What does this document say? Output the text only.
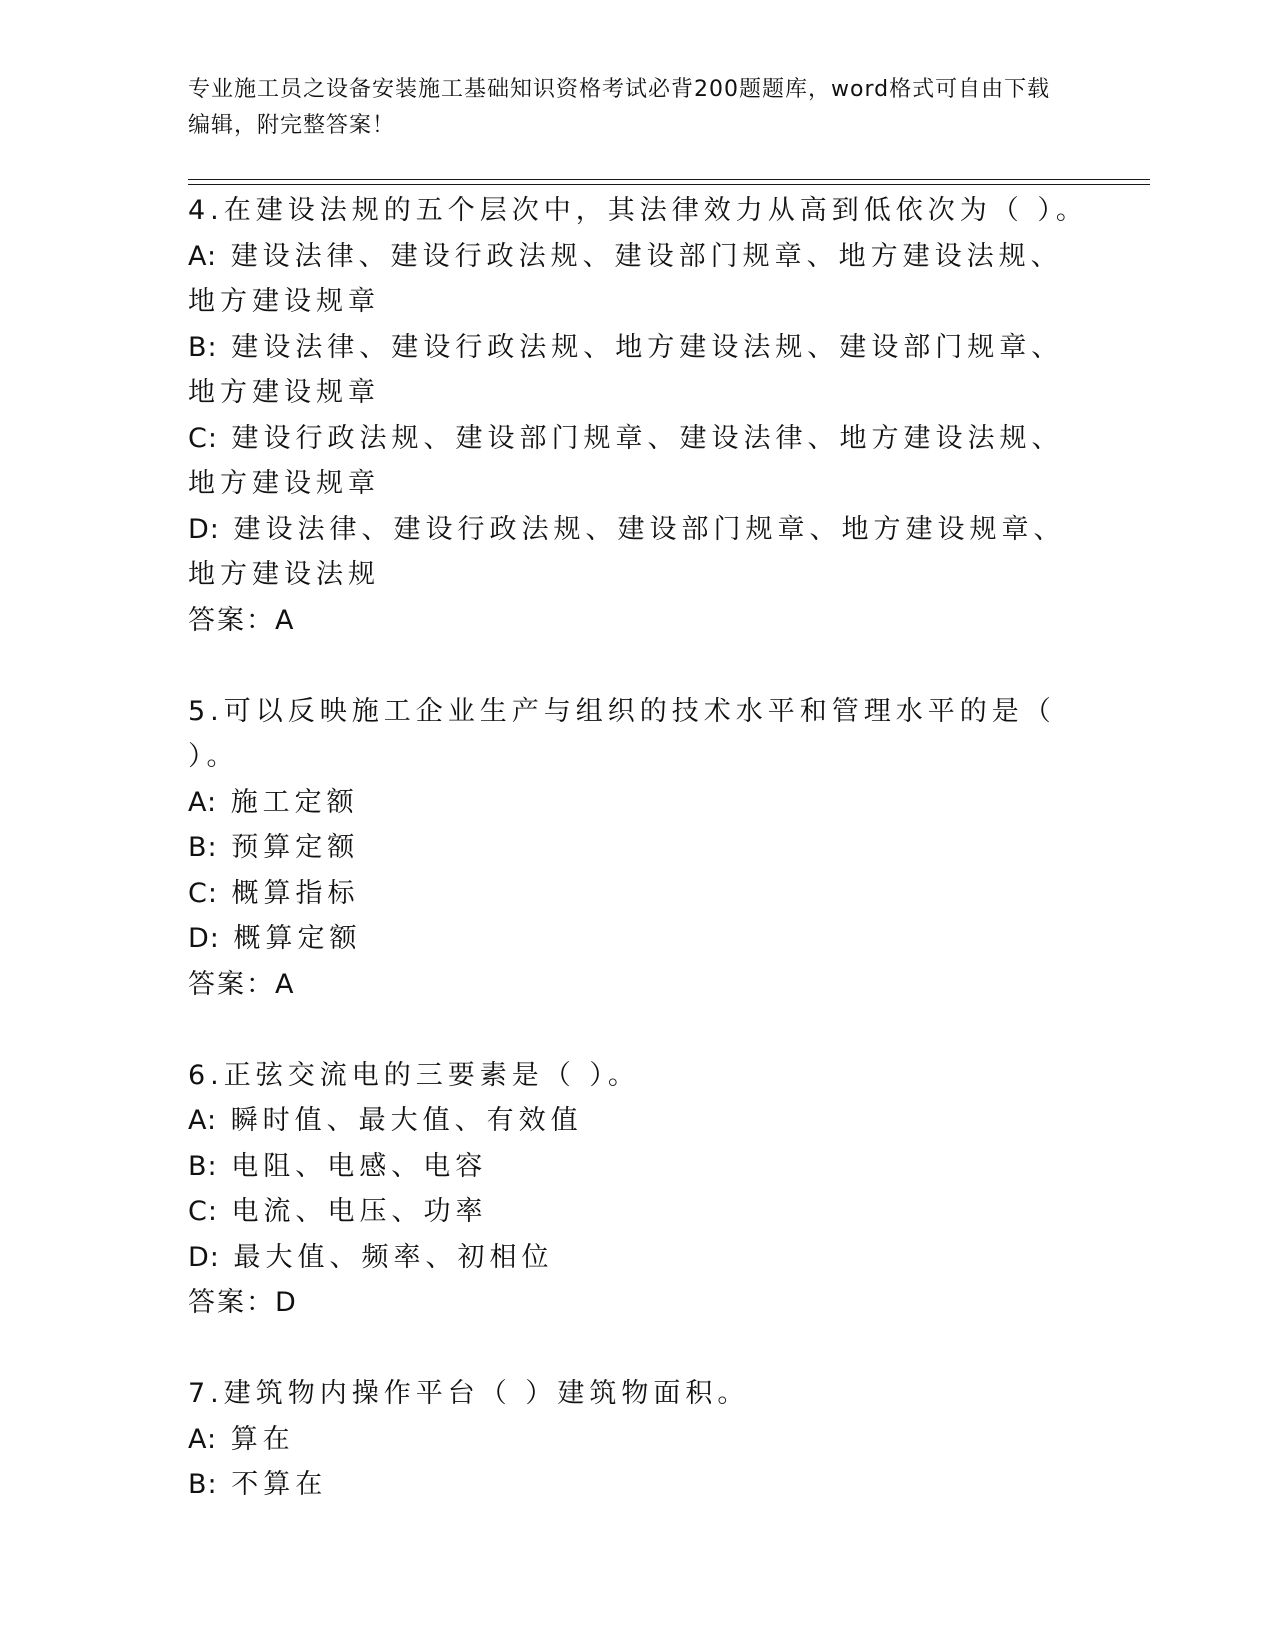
专业施工员之设备安装施工基础知识资格考试必背200题题库，word格式可自由下载编辑，附完整答案！

4.在建设法规的五个层次中，其法律效力从高到低依次为（ ）。

A: 建设法律、建设行政法规、建设部门规章、地方建设法规、地方建设规章

B: 建设法律、建设行政法规、地方建设法规、建设部门规章、地方建设规章

C: 建设行政法规、建设部门规章、建设法律、地方建设法规、地方建设规章

D: 建设法律、建设行政法规、建设部门规章、地方建设规章、地方建设法规

答案：A

5.可以反映施工企业生产与组织的技术水平和管理水平的是（ ）。

A: 施工定额

B: 预算定额

C: 概算指标

D: 概算定额

答案：A

6.正弦交流电的三要素是（ ）。

A: 瞬时值、最大值、有效值

B: 电阻、电感、电容

C: 电流、电压、功率

D: 最大值、频率、初相位

答案：D

7.建筑物内操作平台（ ）建筑物面积。

A: 算在

B: 不算在
